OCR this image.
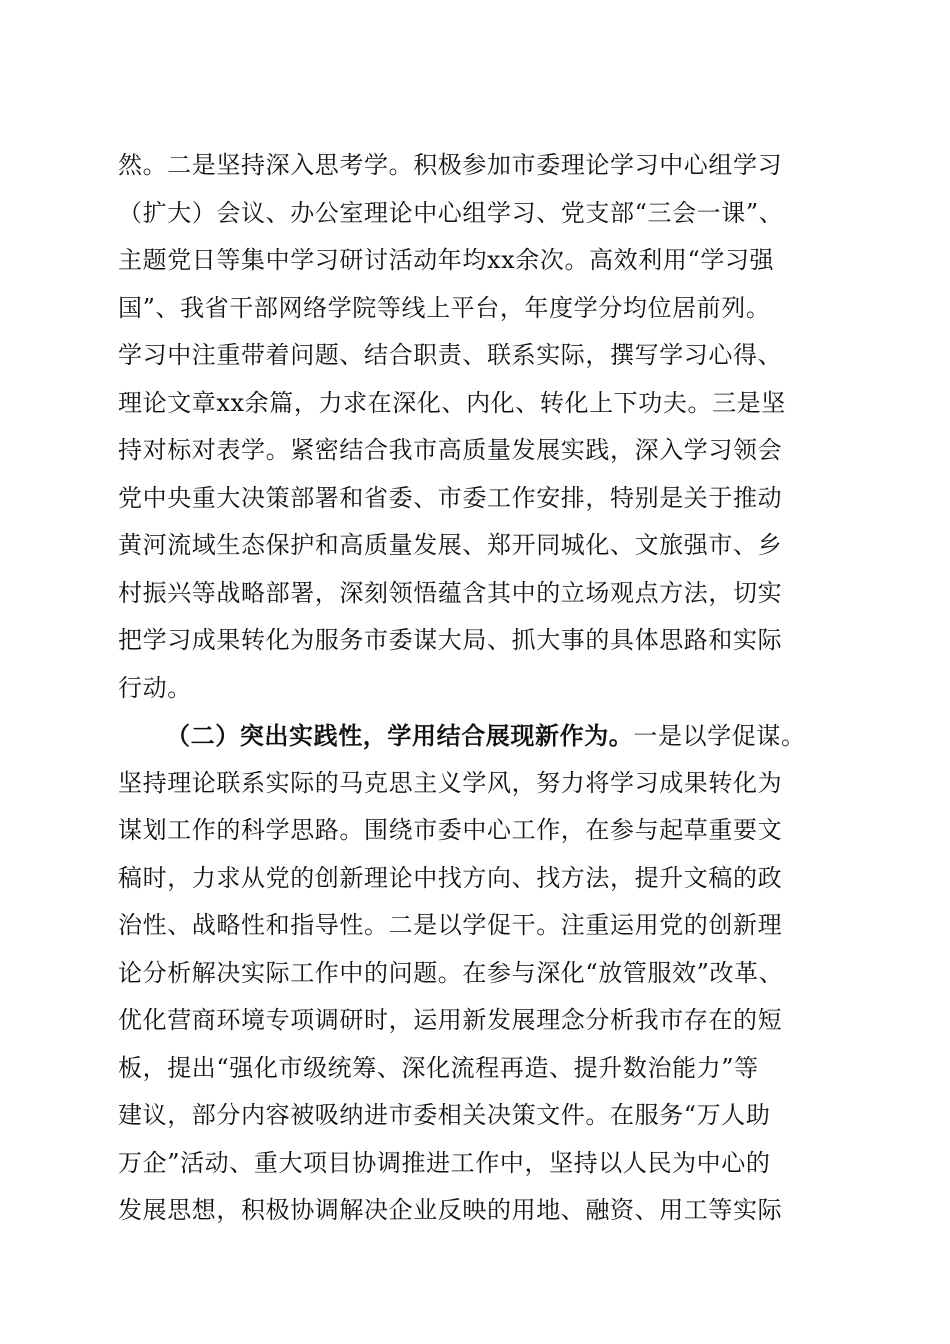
然。二是坚持深入思考学。积极参加市委理论学习中心组学习
（扩大）会议、办公室理论中心组学习、党支部“三会一课”、
主题党日等集中学习研讨活动年均xx余次。高效利用“学习强
国”、我省干部网络学院等线上平台，年度学分均位居前列。
学习中注重带着问题、结合职责、联系实际，撰写学习心得、
理论文章xx余篇，力求在深化、内化、转化上下功夫。三是坚
持对标对表学。紧密结合我市高质量发展实践，深入学习领会
党中央重大决策部署和省委、市委工作安排，特别是关于推动
黄河流域生态保护和高质量发展、郑开同城化、文旅强市、乡
村振兴等战略部署，深刻领悟蕴含其中的立场观点方法，切实
把学习成果转化为服务市委谋大局、抓大事的具体思路和实际
行动。
（二）突出实践性，学用结合展现新作为。一是以学促谋。
坚持理论联系实际的马克思主义学风，努力将学习成果转化为
谋划工作的科学思路。围绕市委中心工作，在参与起草重要文
稿时，力求从党的创新理论中找方向、找方法，提升文稿的政
治性、战略性和指导性。二是以学促干。注重运用党的创新理
论分析解决实际工作中的问题。在参与深化“放管服效”改革、
优化营商环境专项调研时，运用新发展理念分析我市存在的短
板，提出“强化市级统筹、深化流程再造、提升数治能力”等
建议，部分内容被吸纳进市委相关决策文件。在服务“万人助
万企”活动、重大项目协调推进工作中，坚持以人民为中心的
发展思想，积极协调解决企业反映的用地、融资、用工等实际
